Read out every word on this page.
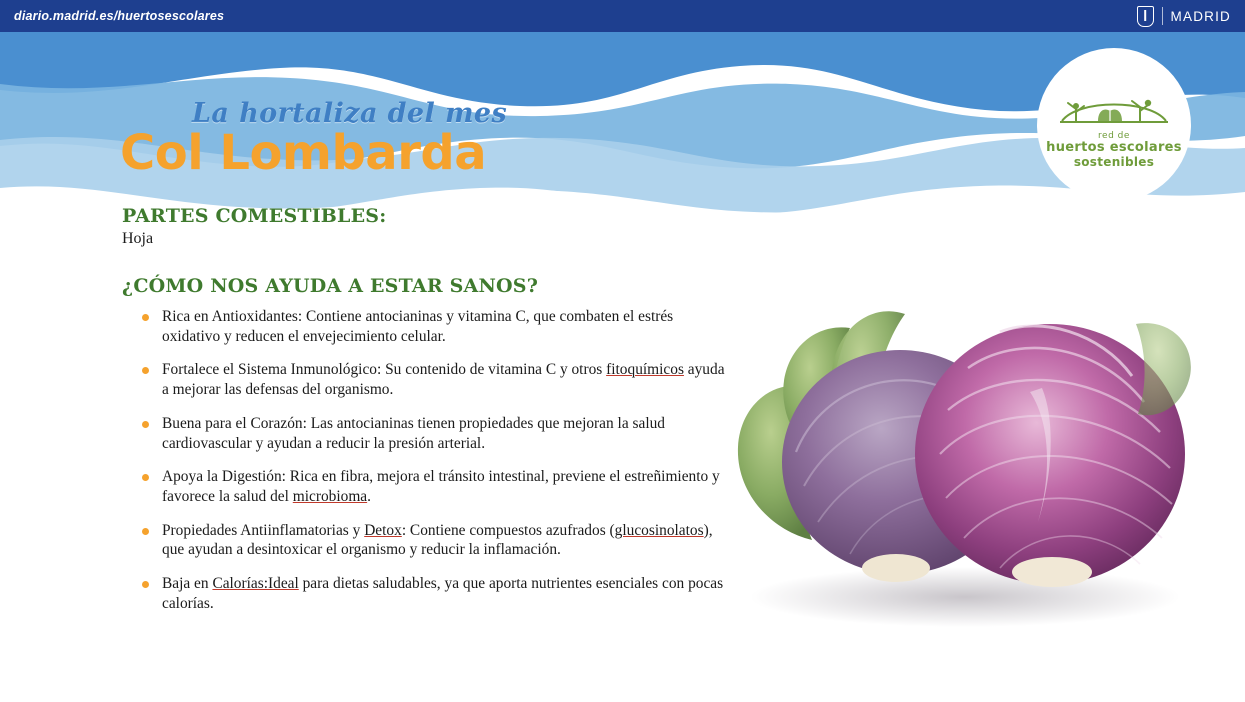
diario.madrid.es/huertosescolares	MADRID
red de
huertos escolares
sostenibles
La hortaliza del mes
Col Lombarda
PARTES COMESTIBLES:
Hoja
¿CÓMO NOS AYUDA A ESTAR SANOS?
Rica en Antioxidantes: Contiene antocianinas y vitamina C, que combaten el estrés oxidativo y reducen el envejecimiento celular.
Fortalece el Sistema Inmunológico: Su contenido de vitamina C y otros fitoquímicos ayuda a mejorar las defensas del organismo.
Buena para el Corazón: Las antocianinas tienen propiedades que mejoran la salud cardiovascular y ayudan a reducir la presión arterial.
Apoya la Digestión: Rica en fibra, mejora el tránsito intestinal, previene el estreñimiento y favorece la salud del microbioma.
Propiedades Antiinflamatorias y Detox: Contiene compuestos azufrados (glucosinolatos), que ayudan a desintoxicar el organismo y reducir la inflamación.
Baja en Calorías:Ideal para dietas saludables, ya que aporta nutrientes esenciales con pocas calorías.
